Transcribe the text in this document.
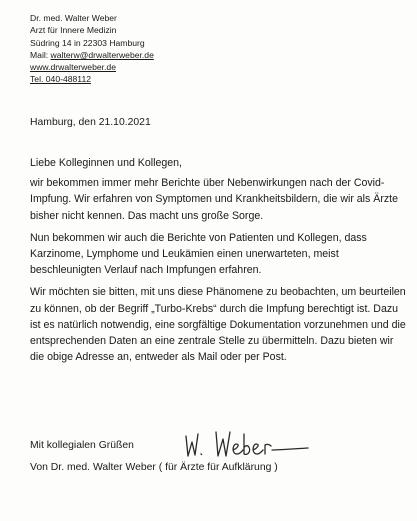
Dr. med. Walter Weber
Arzt für Innere Medizin
Südring 14 in 22303 Hamburg
Mail: walterw@drwalterweber.de
www.drwalterweber.de
Tel. 040-488112
Hamburg, den 21.10.2021

Liebe Kolleginnen und Kollegen,

wir bekommen immer mehr Berichte über Nebenwirkungen nach der Covid-Impfung. Wir erfahren von Symptomen und Krankheitsbildern, die wir als Ärzte bisher nicht kennen. Das macht uns große Sorge.

Nun bekommen wir auch die Berichte von Patienten und Kollegen, dass Karzinome, Lymphome und Leukämien einen unerwarteten, meist beschleunigten Verlauf nach Impfungen erfahren.

Wir möchten sie bitten, mit uns diese Phänomene zu beobachten, um beurteilen zu können, ob der Begriff „Turbo-Krebs“ durch die Impfung berechtigt ist. Dazu ist es natürlich notwendig, eine sorgfältige Dokumentation vorzunehmen und die entsprechenden Daten an eine zentrale Stelle zu übermitteln. Dazu bieten wir die obige Adresse an, entweder als Mail oder per Post.

Mit kollegialen Grüßen
Von Dr. med. Walter Weber ( für Ärzte für Aufklärung )
